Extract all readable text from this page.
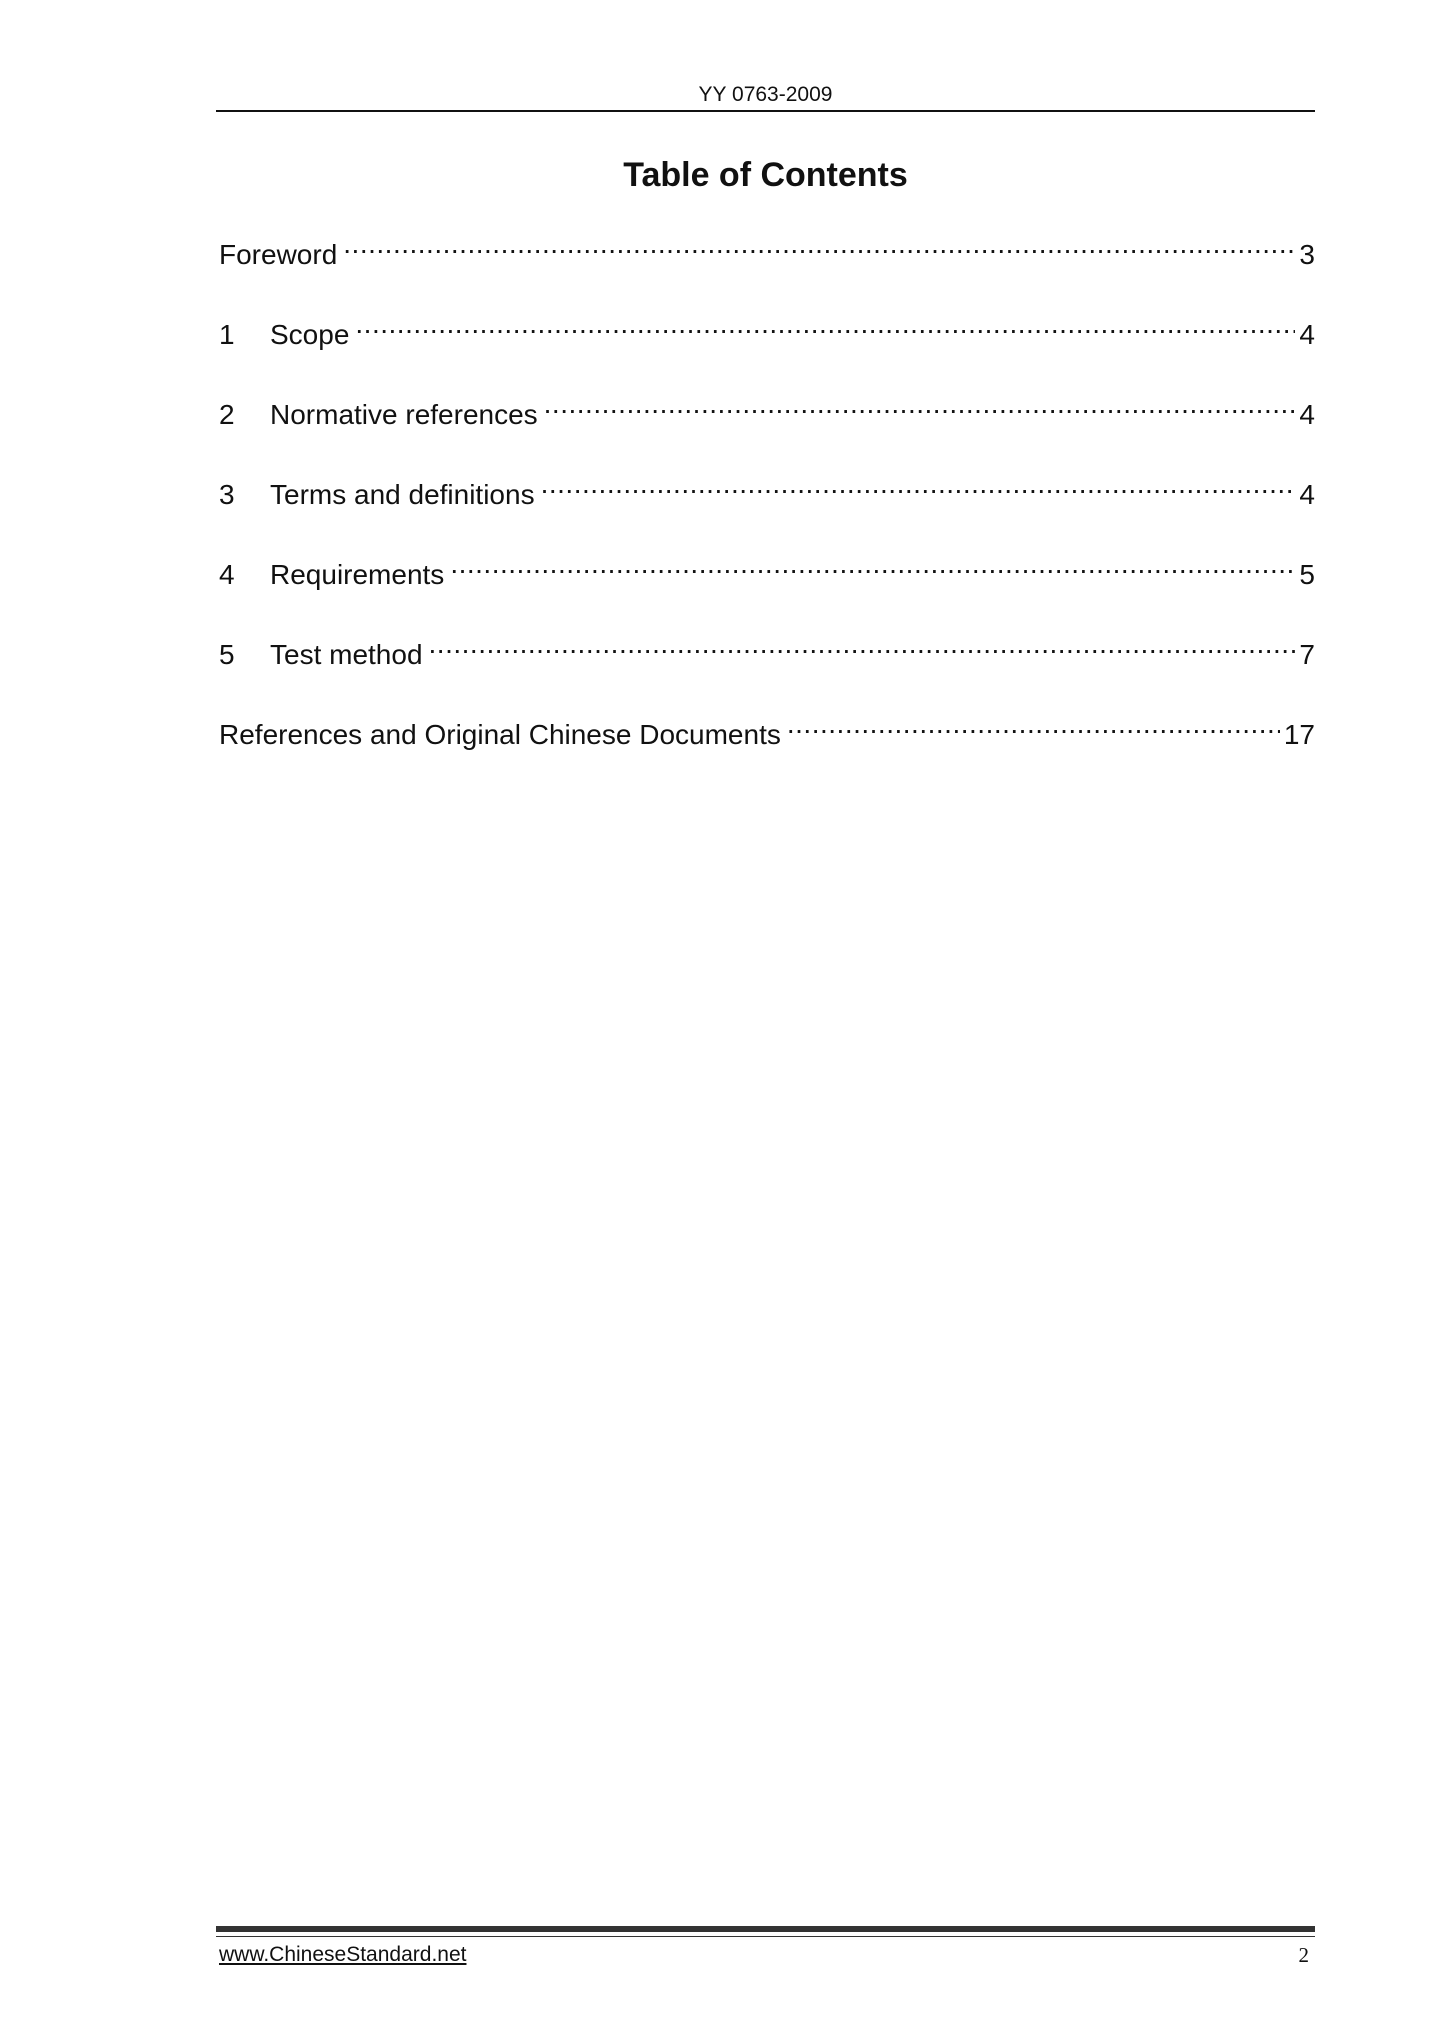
YY 0763-2009
Table of Contents
Foreword .....	3
1	Scope .....	4
2	Normative references .....	4
3	Terms and definitions .....	4
4	Requirements .....	5
5	Test method .....	7
References and Original Chinese Documents .....	17
www.ChineseStandard.net	2
